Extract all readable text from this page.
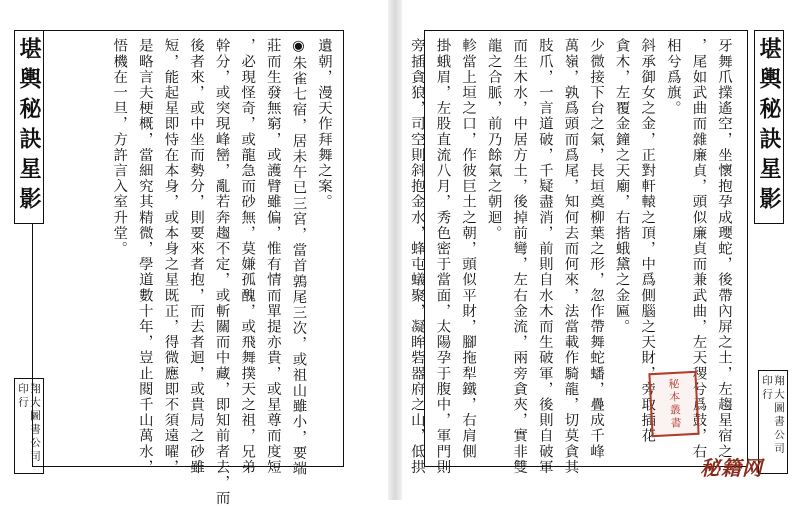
堪輿秘訣星影
翔大圖書公司印行
遺朝，漫天作拜舞之案。
◉朱雀七宿，居未午已三宮，當首鶉尾三次，或祖山雖小，要端
莊而生發無窮，或護臂雖偏，惟有情而單提亦貴，或星尊而度短
，必現怪奇，或龍急而砂無，莫嫌孤醜，或飛舞撲天之祖，兄弟
幹分，或突現峰巒，亂若奔趨不定，或斬關而中藏，即知前者去，而
後者來，或中坐而勢分，則要來者抱，而去者迴，或貴局之砂雖
短，能起星即恃在本身，或本身之星既正，得微應即不須遠曜，
是略言夫梗概，當細究其精微，學道數十年，豈止閱千山萬水，
悟機在一旦，方許言入室升堂。	堪輿秘訣星影
翔大圖書公司印行
牙舞爪擈遙空，坐懷抱孕成瓔蛇，後帶內屏之土，左趨星宿之
，尾如武曲而雜廉貞，頭似廉貞而兼武曲，左天稷兮爲鼓，右
相兮爲旗。
斜承御女之金，正對軒轅之頂，中爲側腦之天財，旁取插花
貪木，左覆金鐘之天廟，右揩蛾黛之金匾。
少微接下台之氣，長垣奠柳葉之形，忽作帶舞蛇蟠，疊成千峰
萬嶺，孰爲頭而爲尾，知何去而何來，法當載作騎龍，切莫貪其
肢爪，一言道破，千疑盡消，前則自水木而生破軍，後則自破軍
而生木水，中居方土，後掉前彎，左右金流，兩旁貪夾，實非雙
龍之合脈，前乃餘氣之朝迴。
軫當上垣之口，作彼巨土之朝，頭似平財，腳拖犁鐵，右肩側
掛蛾眉，左股直流八月，秀色密于當面，太陽孕于腹中，軍門則
旁插貪狼，司空則斜抱金水，蜂屯蟻聚，凝眸砦器府之山，低拱	秘本叢書
秘籍网
